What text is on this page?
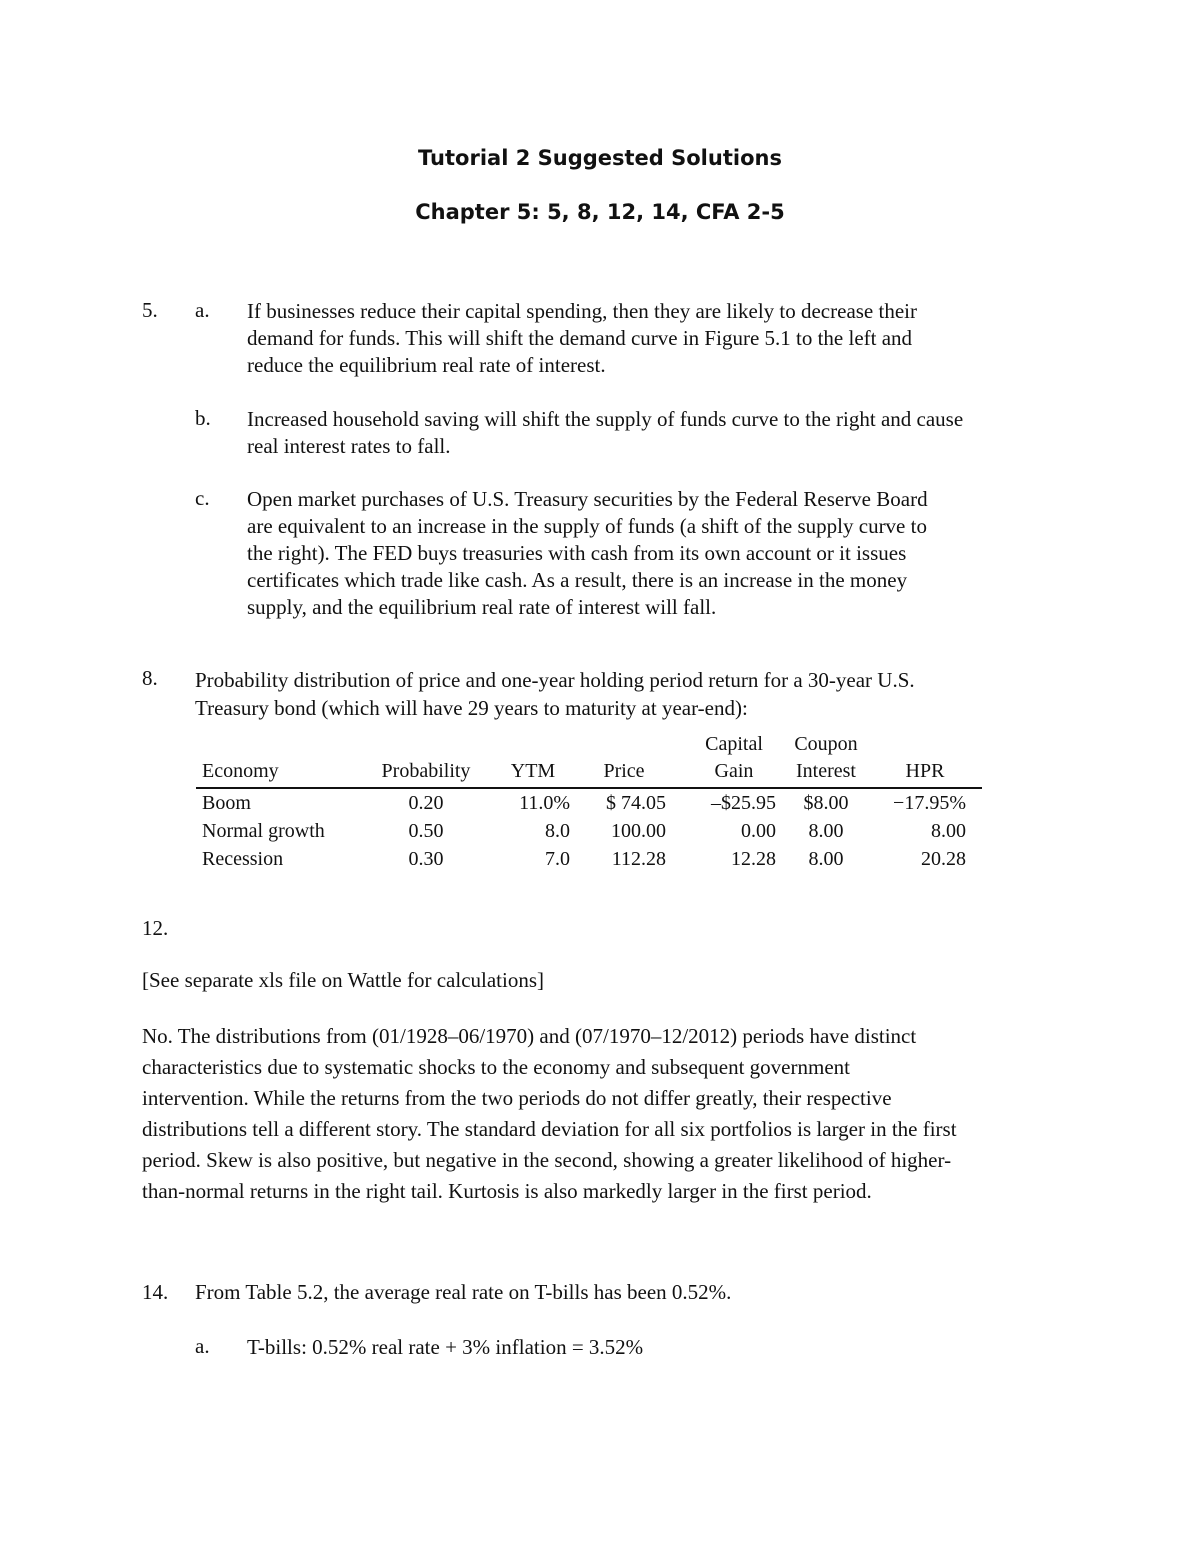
Tutorial 2 Suggested Solutions
Chapter 5: 5, 8, 12, 14, CFA 2-5
5. a. If businesses reduce their capital spending, then they are likely to decrease their
demand for funds. This will shift the demand curve in Figure 5.1 to the left and
reduce the equilibrium real rate of interest.
b. Increased household saving will shift the supply of funds curve to the right and cause
real interest rates to fall.
c. Open market purchases of U.S. Treasury securities by the Federal Reserve Board
are equivalent to an increase in the supply of funds (a shift of the supply curve to
the right). The FED buys treasuries with cash from its own account or it issues
certificates which trade like cash. As a result, there is an increase in the money
supply, and the equilibrium real rate of interest will fall.
8. Probability distribution of price and one-year holding period return for a 30-year U.S.
Treasury bond (which will have 29 years to maturity at year-end):
Capital	Coupon
Economy	Probability	YTM	Price	Gain	Interest	HPR
Boom	0.20	11.0%	$ 74.05	–$25.95	$8.00	−17.95%
Normal growth	0.50	8.0	100.00	0.00	8.00	8.00
Recession	0.30	7.0	112.28	12.28	8.00	20.28
12.
[See separate xls file on Wattle for calculations]
No. The distributions from (01/1928–06/1970) and (07/1970–12/2012) periods have distinct
characteristics due to systematic shocks to the economy and subsequent government
intervention. While the returns from the two periods do not differ greatly, their respective
distributions tell a different story. The standard deviation for all six portfolios is larger in the first
period. Skew is also positive, but negative in the second, showing a greater likelihood of higher-
than-normal returns in the right tail. Kurtosis is also markedly larger in the first period.
14. From Table 5.2, the average real rate on T-bills has been 0.52%.
a. T-bills: 0.52% real rate + 3% inflation = 3.52%
